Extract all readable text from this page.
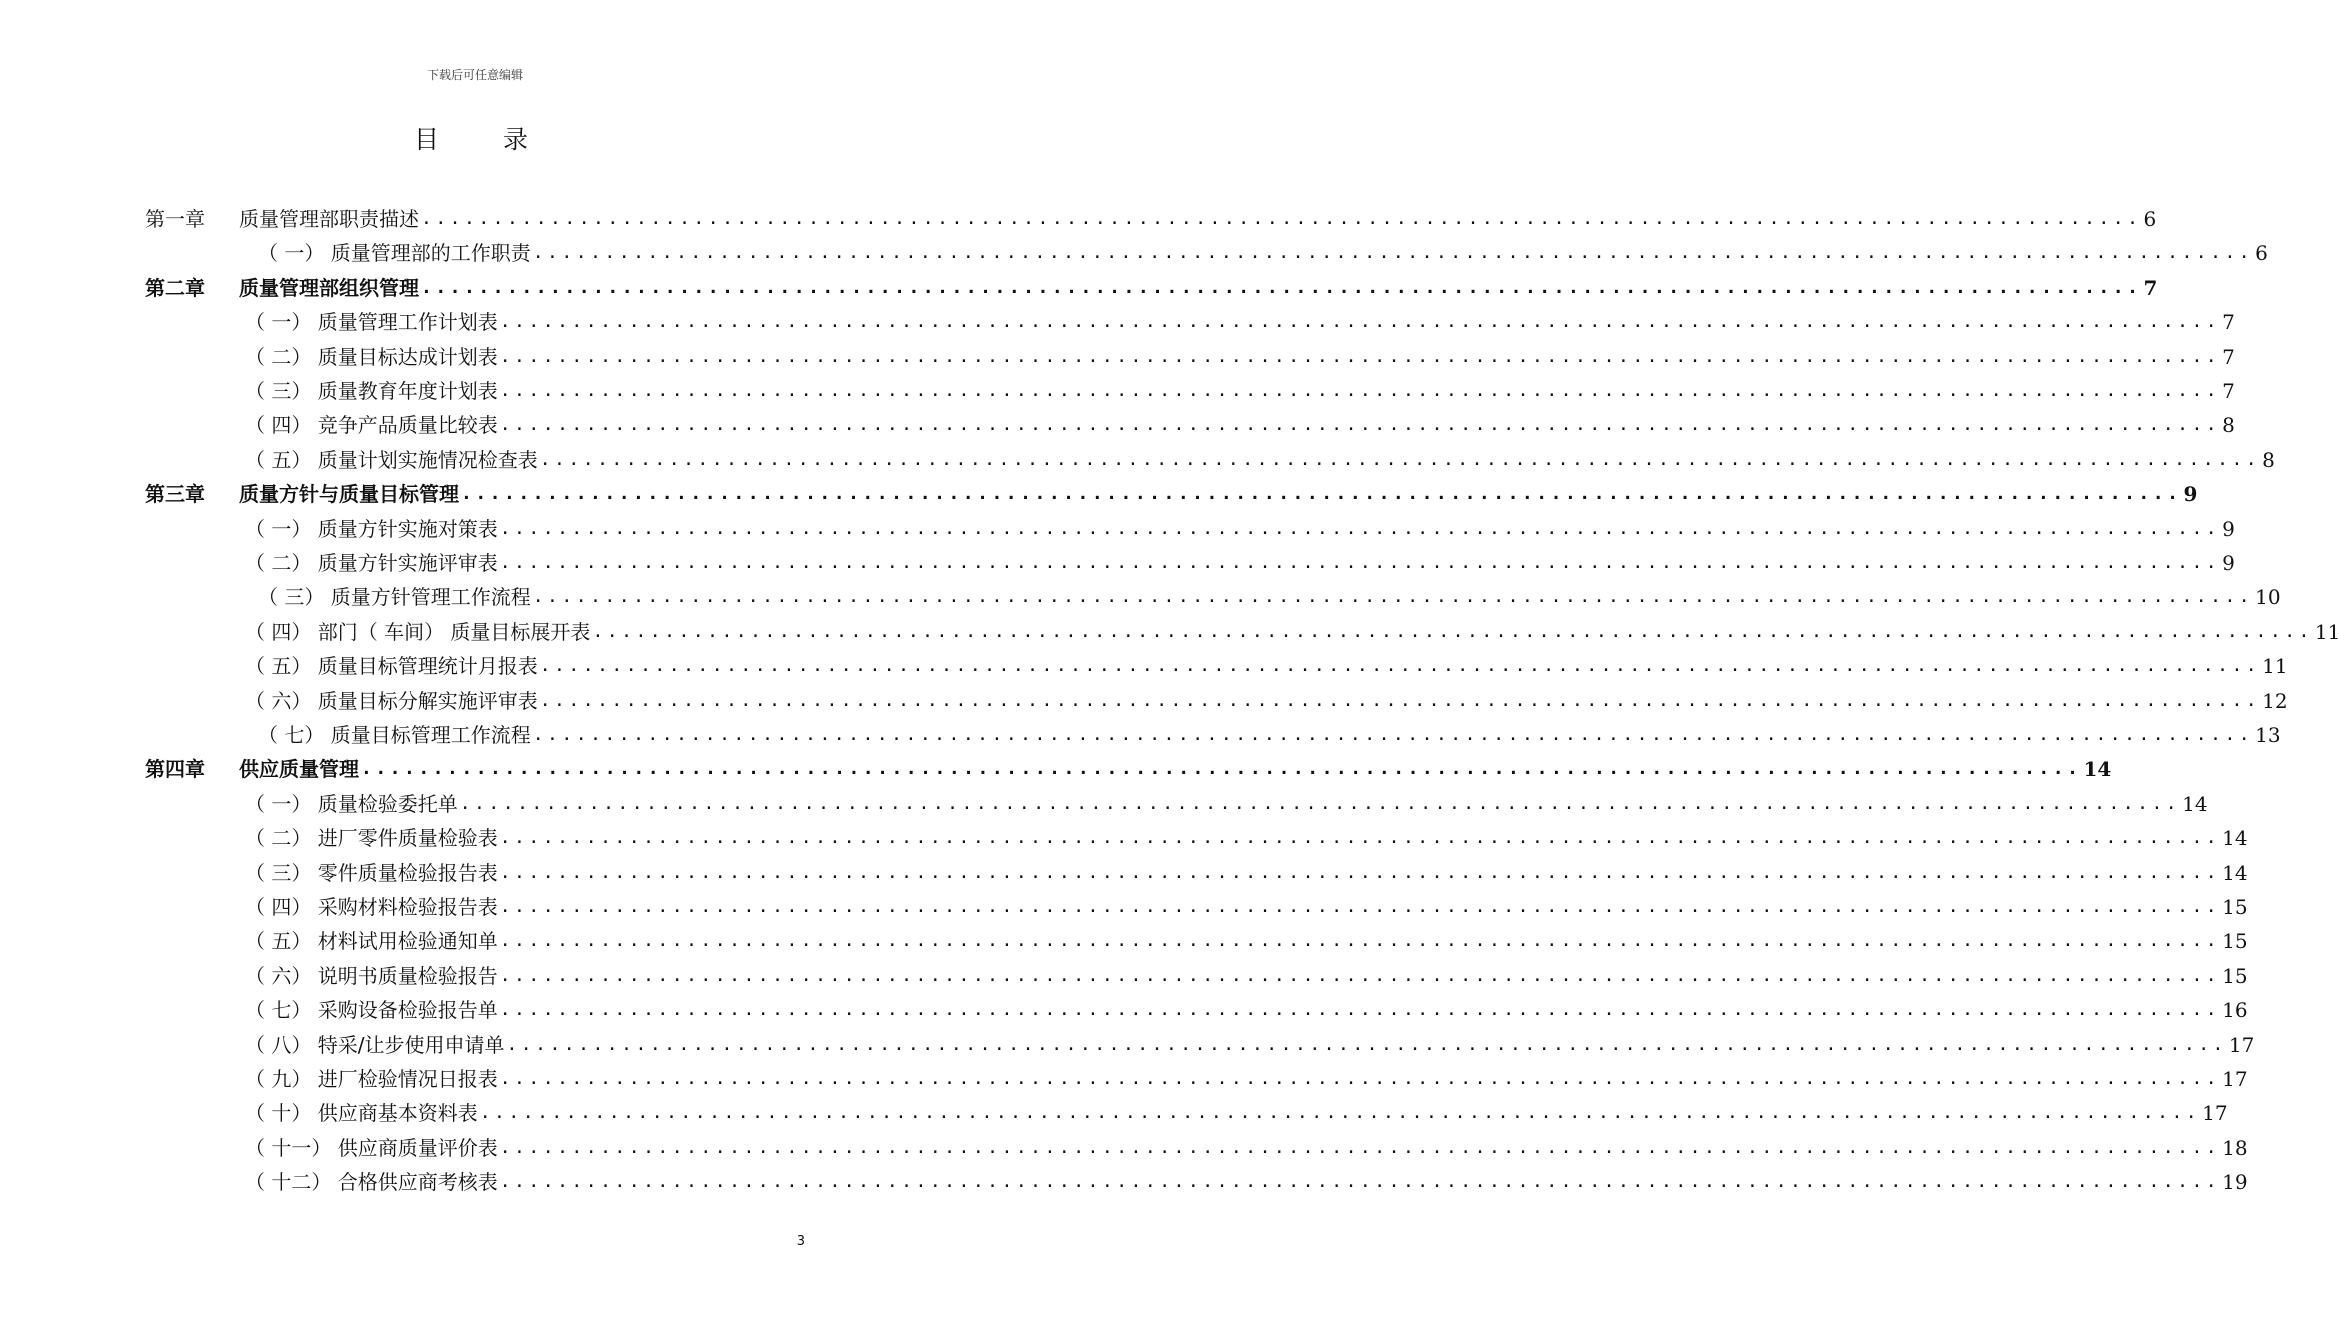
下载后可任意编辑
目 录
第一章 质量管理部职责描述 ........................................................................................................................ 6
（ 一） 质量管理部的工作职责 ........................................................................................................................ 6
第二章 质量管理部组织管理 ........................................................................................................................ 7
（ 一） 质量管理工作计划表 ........................................................................................................................ 7
（ 二） 质量目标达成计划表 ........................................................................................................................ 7
（ 三） 质量教育年度计划表 ........................................................................................................................ 7
（ 四） 竞争产品质量比较表 ........................................................................................................................ 8
（ 五） 质量计划实施情况检查表 ........................................................................................................................ 8
第三章 质量方针与质量目标管理 ........................................................................................................................ 9
（ 一） 质量方针实施对策表 ........................................................................................................................ 9
（ 二） 质量方针实施评审表 ........................................................................................................................ 9
（ 三） 质量方针管理工作流程 ........................................................................................................................ 10
（ 四） 部门（ 车间） 质量目标展开表 ........................................................................................................................ 11
（ 五） 质量目标管理统计月报表 ........................................................................................................................ 11
（ 六） 质量目标分解实施评审表 ........................................................................................................................ 12
（ 七） 质量目标管理工作流程 ........................................................................................................................ 13
第四章 供应质量管理 ........................................................................................................................ 14
（ 一） 质量检验委托单 ........................................................................................................................ 14
（ 二） 进厂零件质量检验表 ........................................................................................................................ 14
（ 三） 零件质量检验报告表 ........................................................................................................................ 14
（ 四） 采购材料检验报告表 ........................................................................................................................ 15
（ 五） 材料试用检验通知单 ........................................................................................................................ 15
（ 六） 说明书质量检验报告 ........................................................................................................................ 15
（ 七） 采购设备检验报告单 ........................................................................................................................ 16
（ 八） 特采/让步使用申请单 ........................................................................................................................ 17
（ 九） 进厂检验情况日报表 ........................................................................................................................ 17
（ 十） 供应商基本资料表 ........................................................................................................................ 17
（ 十一） 供应商质量评价表 ........................................................................................................................ 18
（ 十二） 合格供应商考核表 ........................................................................................................................ 19
3
